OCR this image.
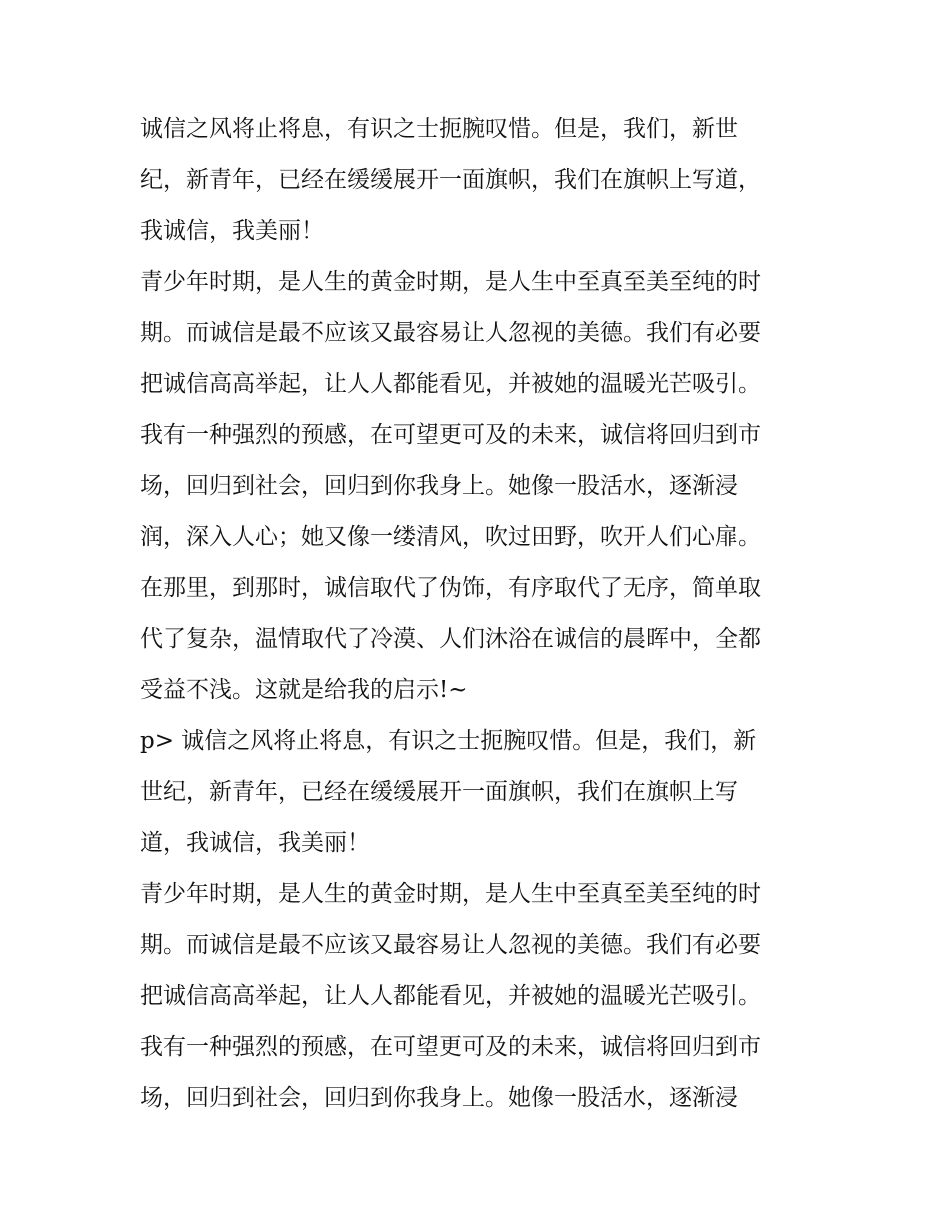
诚信之风将止将息，有识之士扼腕叹惜。但是，我们，新世
纪，新青年，已经在缓缓展开一面旗帜，我们在旗帜上写道，
我诚信，我美丽！
青少年时期，是人生的黄金时期，是人生中至真至美至纯的时
期。而诚信是最不应该又最容易让人忽视的美德。我们有必要
把诚信高高举起，让人人都能看见，并被她的温暖光芒吸引。
我有一种强烈的预感，在可望更可及的未来，诚信将回归到市
场，回归到社会，回归到你我身上。她像一股活水，逐渐浸
润，深入人心；她又像一缕清风，吹过田野，吹开人们心扉。
在那里，到那时，诚信取代了伪饰，有序取代了无序，简单取
代了复杂，温情取代了冷漠、人们沐浴在诚信的晨晖中，全都
受益不浅。这就是给我的启示!~
p> 诚信之风将止将息，有识之士扼腕叹惜。但是，我们，新
世纪，新青年，已经在缓缓展开一面旗帜，我们在旗帜上写
道，我诚信，我美丽！
青少年时期，是人生的黄金时期，是人生中至真至美至纯的时
期。而诚信是最不应该又最容易让人忽视的美德。我们有必要
把诚信高高举起，让人人都能看见，并被她的温暖光芒吸引。
我有一种强烈的预感，在可望更可及的未来，诚信将回归到市
场，回归到社会，回归到你我身上。她像一股活水，逐渐浸
